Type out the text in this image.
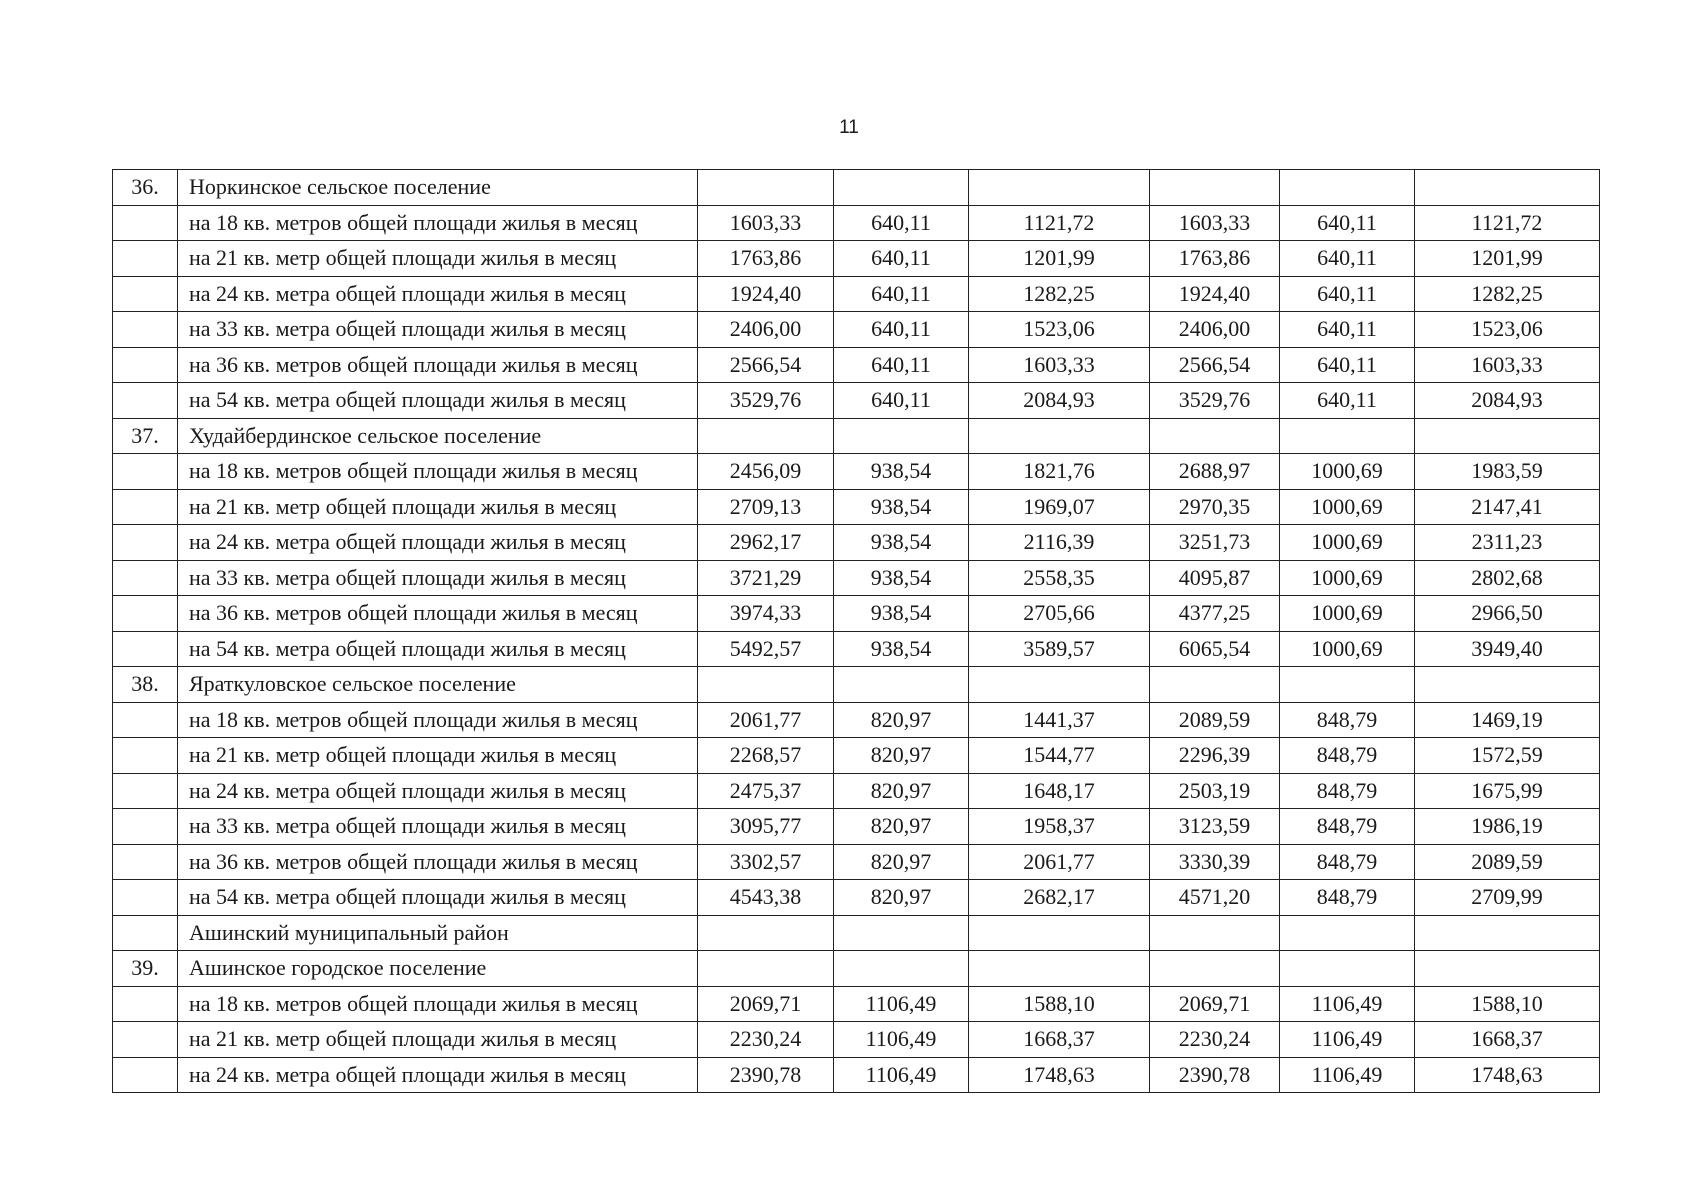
11
36.	Норкинское сельское поселение						
	на 18 кв. метров общей площади жилья в месяц	1603,33	640,11	1121,72	1603,33	640,11	1121,72
	на 21 кв. метр общей площади жилья в месяц	1763,86	640,11	1201,99	1763,86	640,11	1201,99
	на 24 кв. метра общей площади жилья в месяц	1924,40	640,11	1282,25	1924,40	640,11	1282,25
	на 33 кв. метра общей площади жилья в месяц	2406,00	640,11	1523,06	2406,00	640,11	1523,06
	на 36 кв. метров общей площади жилья в месяц	2566,54	640,11	1603,33	2566,54	640,11	1603,33
	на 54 кв. метра общей площади жилья в месяц	3529,76	640,11	2084,93	3529,76	640,11	2084,93
37.	Худайбердинское сельское поселение						
	на 18 кв. метров общей площади жилья в месяц	2456,09	938,54	1821,76	2688,97	1000,69	1983,59
	на 21 кв. метр общей площади жилья в месяц	2709,13	938,54	1969,07	2970,35	1000,69	2147,41
	на 24 кв. метра общей площади жилья в месяц	2962,17	938,54	2116,39	3251,73	1000,69	2311,23
	на 33 кв. метра общей площади жилья в месяц	3721,29	938,54	2558,35	4095,87	1000,69	2802,68
	на 36 кв. метров общей площади жилья в месяц	3974,33	938,54	2705,66	4377,25	1000,69	2966,50
	на 54 кв. метра общей площади жилья в месяц	5492,57	938,54	3589,57	6065,54	1000,69	3949,40
38.	Яраткуловское сельское поселение						
	на 18 кв. метров общей площади жилья в месяц	2061,77	820,97	1441,37	2089,59	848,79	1469,19
	на 21 кв. метр общей площади жилья в месяц	2268,57	820,97	1544,77	2296,39	848,79	1572,59
	на 24 кв. метра общей площади жилья в месяц	2475,37	820,97	1648,17	2503,19	848,79	1675,99
	на 33 кв. метра общей площади жилья в месяц	3095,77	820,97	1958,37	3123,59	848,79	1986,19
	на 36 кв. метров общей площади жилья в месяц	3302,57	820,97	2061,77	3330,39	848,79	2089,59
	на 54 кв. метра общей площади жилья в месяц	4543,38	820,97	2682,17	4571,20	848,79	2709,99
	Ашинский муниципальный район						
39.	Ашинское городское поселение						
	на 18 кв. метров общей площади жилья в месяц	2069,71	1106,49	1588,10	2069,71	1106,49	1588,10
	на 21 кв. метр общей площади жилья в месяц	2230,24	1106,49	1668,37	2230,24	1106,49	1668,37
	на 24 кв. метра общей площади жилья в месяц	2390,78	1106,49	1748,63	2390,78	1106,49	1748,63
